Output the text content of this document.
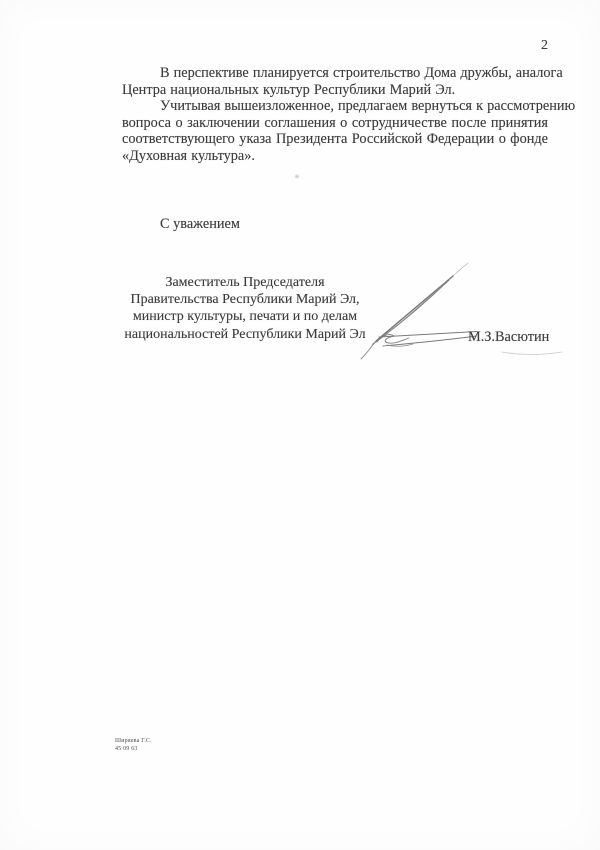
2
В перспективе планируется строительство Дома дружбы, аналога
Центра национальных культур Республики Марий Эл.
Учитывая вышеизложенное, предлагаем вернуться к рассмотрению
вопроса о заключении соглашения о сотрудничестве после принятия
соответствующего указа Президента Российской Федерации о фонде
«Духовная культура».
С уважением
Заместитель Председателя
Правительства Республики Марий Эл,
министр культуры, печати и по делам
национальностей Республики Марий Эл	М.З.Васютин
Ширяева Г.С.
45 09 63
